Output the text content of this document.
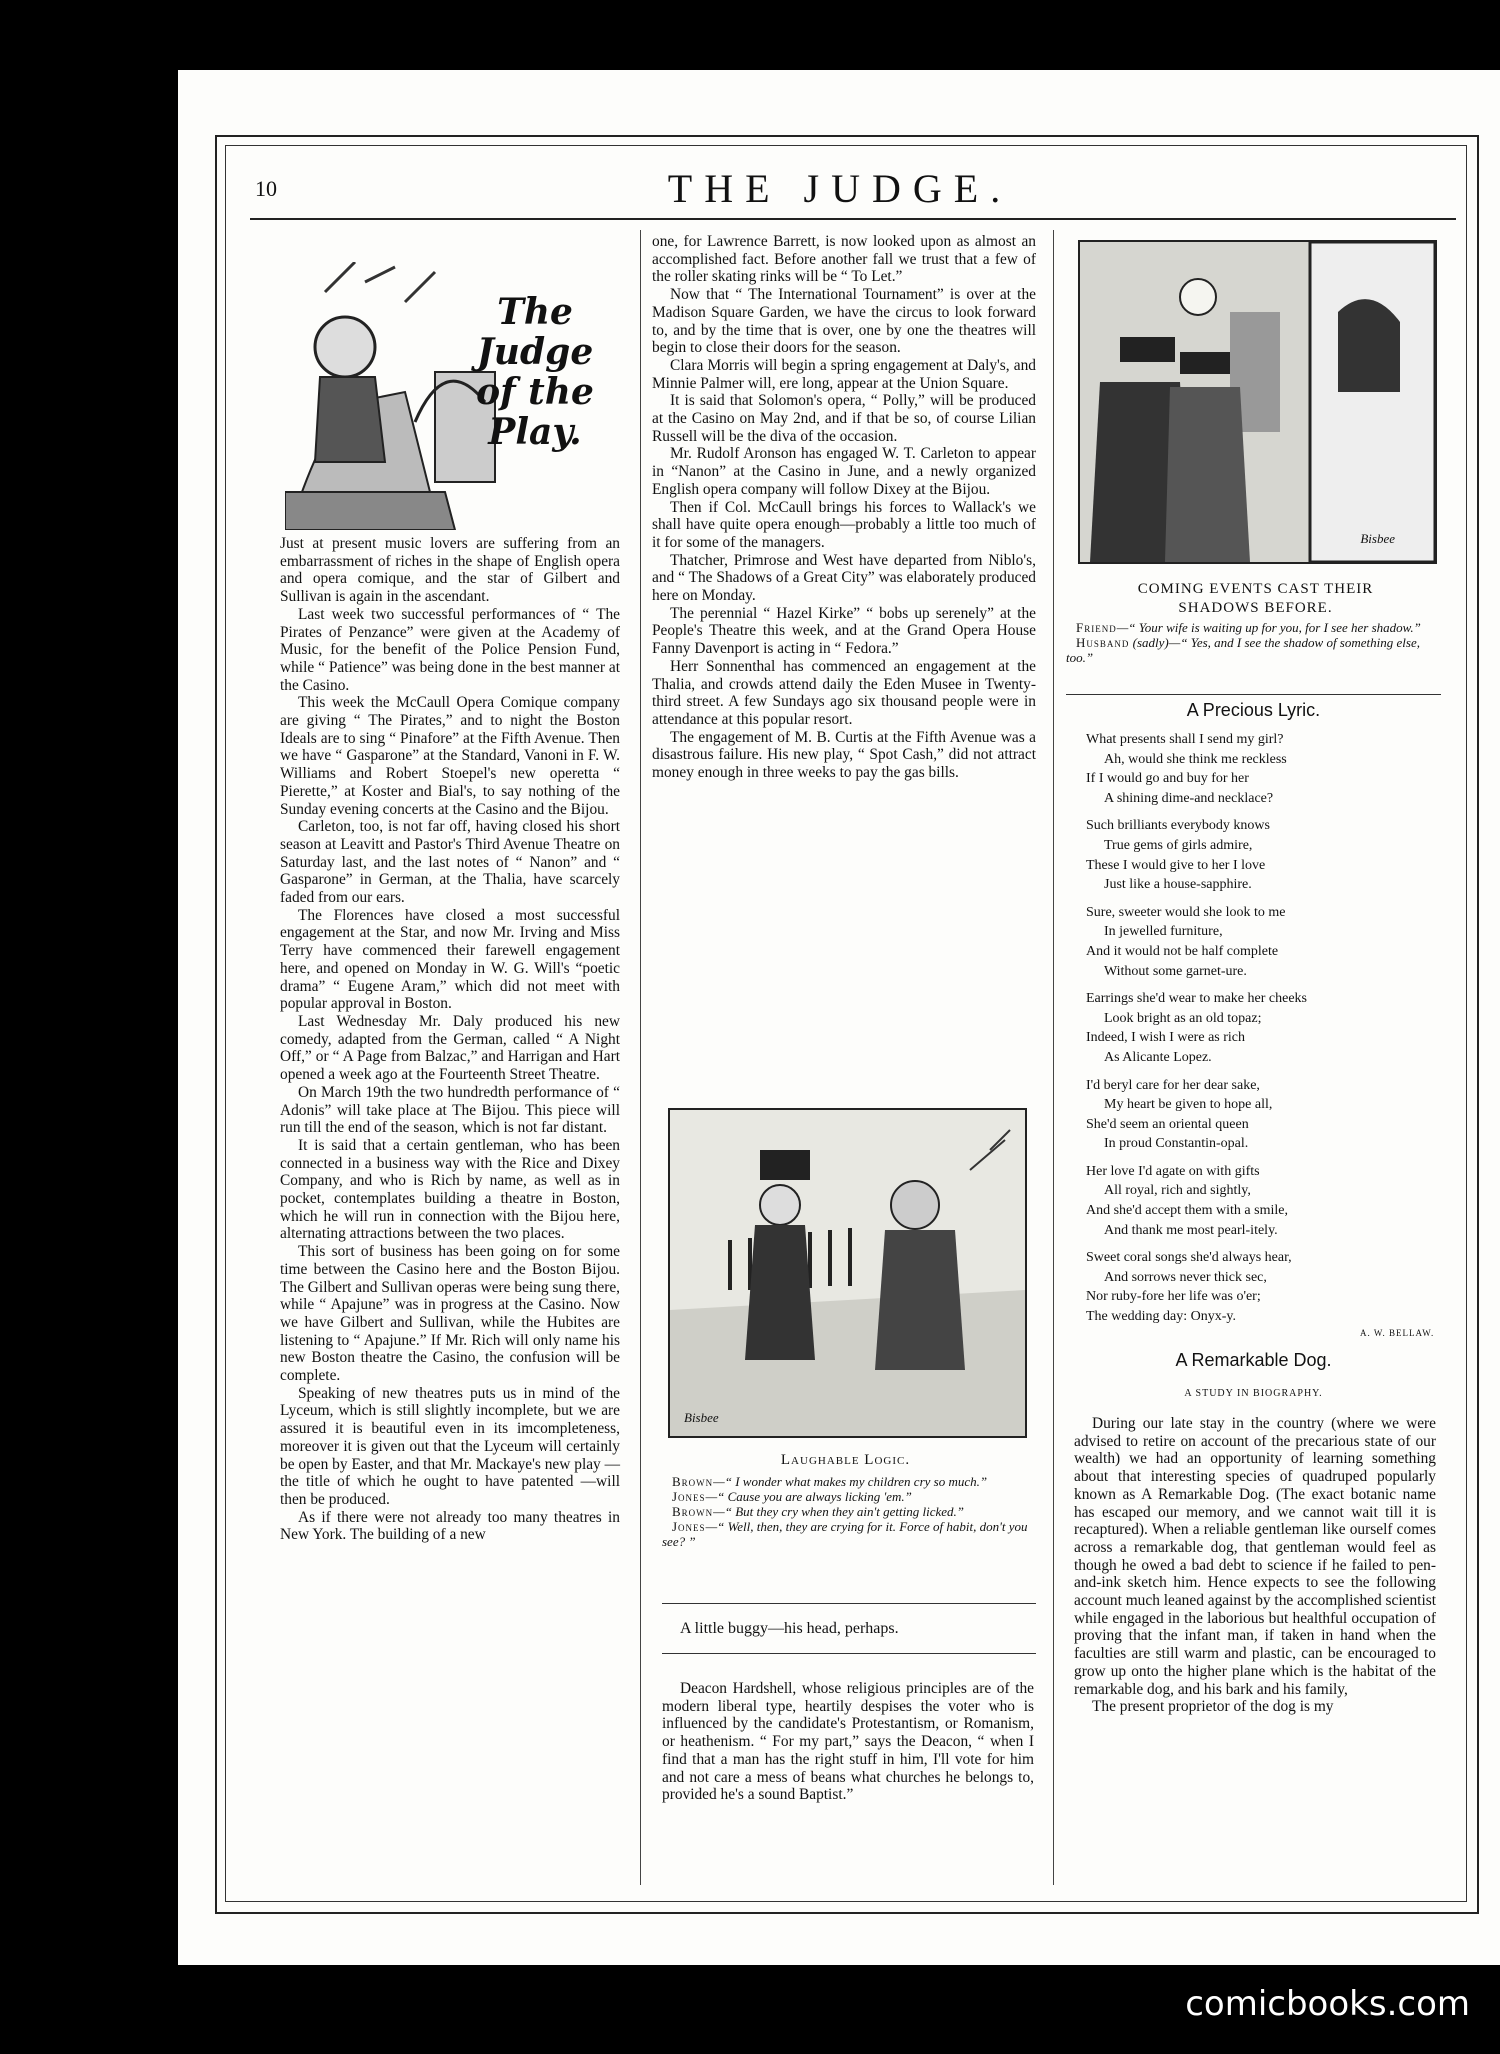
10	THE JUDGE.
The Judge of the Play.

Just at present music lovers are suffering from an embarrassment of riches in the shape of English opera and opera comique, and the star of Gilbert and Sullivan is again in the ascendant.

Last week two successful performances of “ The Pirates of Penzance” were given at the Academy of Music, for the benefit of the Police Pension Fund, while “ Patience” was being done in the best manner at the Casino.

This week the McCaull Opera Comique company are giving “ The Pirates,” and to night the Boston Ideals are to sing “ Pinafore” at the Fifth Avenue. Then we have “ Gasparone” at the Standard, Vanoni in F. W. Williams and Robert Stoepel's new operetta “ Pierette,” at Koster and Bial's, to say nothing of the Sunday evening concerts at the Casino and the Bijou.

Carleton, too, is not far off, having closed his short season at Leavitt and Pastor's Third Avenue Theatre on Saturday last, and the last notes of “ Nanon” and “ Gasparone” in German, at the Thalia, have scarcely faded from our ears.

The Florences have closed a most successful engagement at the Star, and now Mr. Irving and Miss Terry have commenced their farewell engagement here, and opened on Monday in W. G. Will's “poetic drama” “ Eugene Aram,” which did not meet with popular approval in Boston.

Last Wednesday Mr. Daly produced his new comedy, adapted from the German, called “ A Night Off,” or “ A Page from Balzac,” and Harrigan and Hart opened a week ago at the Fourteenth Street Theatre.

On March 19th the two hundredth performance of “ Adonis” will take place at The Bijou. This piece will run till the end of the season, which is not far distant.

It is said that a certain gentleman, who has been connected in a business way with the Rice and Dixey Company, and who is Rich by name, as well as in pocket, contemplates building a theatre in Boston, which he will run in connection with the Bijou here, alternating attractions between the two places.

This sort of business has been going on for some time between the Casino here and the Boston Bijou. The Gilbert and Sullivan operas were being sung there, while “ Apajune” was in progress at the Casino. Now we have Gilbert and Sullivan, while the Hubites are listening to “ Apajune.” If Mr. Rich will only name his new Boston theatre the Casino, the confusion will be complete.

Speaking of new theatres puts us in mind of the Lyceum, which is still slightly incomplete, but we are assured it is beautiful even in its imcompleteness, moreover it is given out that the Lyceum will certainly be open by Easter, and that Mr. Mackaye's new play —the title of which he ought to have patented —will then be produced.

As if there were not already too many theatres in New York. The building of a new

one, for Lawrence Barrett, is now looked upon as almost an accomplished fact. Before another fall we trust that a few of the roller skating rinks will be “ To Let.”

Now that “ The International Tournament” is over at the Madison Square Garden, we have the circus to look forward to, and by the time that is over, one by one the theatres will begin to close their doors for the season.

Clara Morris will begin a spring engagement at Daly's, and Minnie Palmer will, ere long, appear at the Union Square.

It is said that Solomon's opera, “ Polly,” will be produced at the Casino on May 2nd, and if that be so, of course Lilian Russell will be the diva of the occasion.

Mr. Rudolf Aronson has engaged W. T. Carleton to appear in “Nanon” at the Casino in June, and a newly organized English opera company will follow Dixey at the Bijou.

Then if Col. McCaull brings his forces to Wallack's we shall have quite opera enough—probably a little too much of it for some of the managers.

Thatcher, Primrose and West have departed from Niblo's, and “ The Shadows of a Great City” was elaborately produced here on Monday.

The perennial “ Hazel Kirke” “ bobs up serenely” at the People's Theatre this week, and at the Grand Opera House Fanny Davenport is acting in “ Fedora.”

Herr Sonnenthal has commenced an engagement at the Thalia, and crowds attend daily the Eden Musee in Twenty-third street. A few Sundays ago six thousand people were in attendance at this popular resort.

The engagement of M. B. Curtis at the Fifth Avenue was a disastrous failure. His new play, “ Spot Cash,” did not attract money enough in three weeks to pay the gas bills.

Bisbee
Laughable Logic.
Brown—“ I wonder what makes my children cry so much.”
Jones—“ Cause you are always licking 'em.”
Brown—“ But they cry when they ain't getting licked.”
Jones—“ Well, then, they are crying for it. Force of habit, don't you see? ”

A little buggy—his head, perhaps.

Deacon Hardshell, whose religious principles are of the modern liberal type, heartily despises the voter who is influenced by the candidate's Protestantism, or Romanism, or heathenism. “ For my part,” says the Deacon, “ when I find that a man has the right stuff in him, I'll vote for him and not care a mess of beans what churches he belongs to, provided he's a sound Baptist.”

Bisbee
COMING EVENTS CAST THEIR
SHADOWS BEFORE.
Friend—“ Your wife is waiting up for you, for I see her shadow.”
Husband (sadly)—“ Yes, and I see the shadow of something else, too.”
A Precious Lyric.
What presents shall I send my girl?
Ah, would she think me reckless
If I would go and buy for her
A shining dime-and necklace?
Such brilliants everybody knows
True gems of girls admire,
These I would give to her I love
Just like a house-sapphire.
Sure, sweeter would she look to me
In jewelled furniture,
And it would not be half complete
Without some garnet-ure.
Earrings she'd wear to make her cheeks
Look bright as an old topaz;
Indeed, I wish I were as rich
As Alicante Lopez.
I'd beryl care for her dear sake,
My heart be given to hope all,
She'd seem an oriental queen
In proud Constantin-opal.
Her love I'd agate on with gifts
All royal, rich and sightly,
And she'd accept them with a smile,
And thank me most pearl-itely.
Sweet coral songs she'd always hear,
And sorrows never thick sec,
Nor ruby-fore her life was o'er;
The wedding day: Onyx-y.
A. W. BELLAW.
A Remarkable Dog.
A STUDY IN BIOGRAPHY.

During our late stay in the country (where we were advised to retire on account of the precarious state of our wealth) we had an opportunity of learning something about that interesting species of quadruped popularly known as A Remarkable Dog. (The exact botanic name has escaped our memory, and we cannot wait till it is recaptured). When a reliable gentleman like ourself comes across a remarkable dog, that gentleman would feel as though he owed a bad debt to science if he failed to pen-and-ink sketch him. Hence expects to see the following account much leaned against by the accomplished scientist while engaged in the laborious but healthful occupation of proving that the infant man, if taken in hand when the faculties are still warm and plastic, can be encouraged to grow up onto the higher plane which is the habitat of the remarkable dog, and his bark and his family,

The present proprietor of the dog is my

comicbooks.com
